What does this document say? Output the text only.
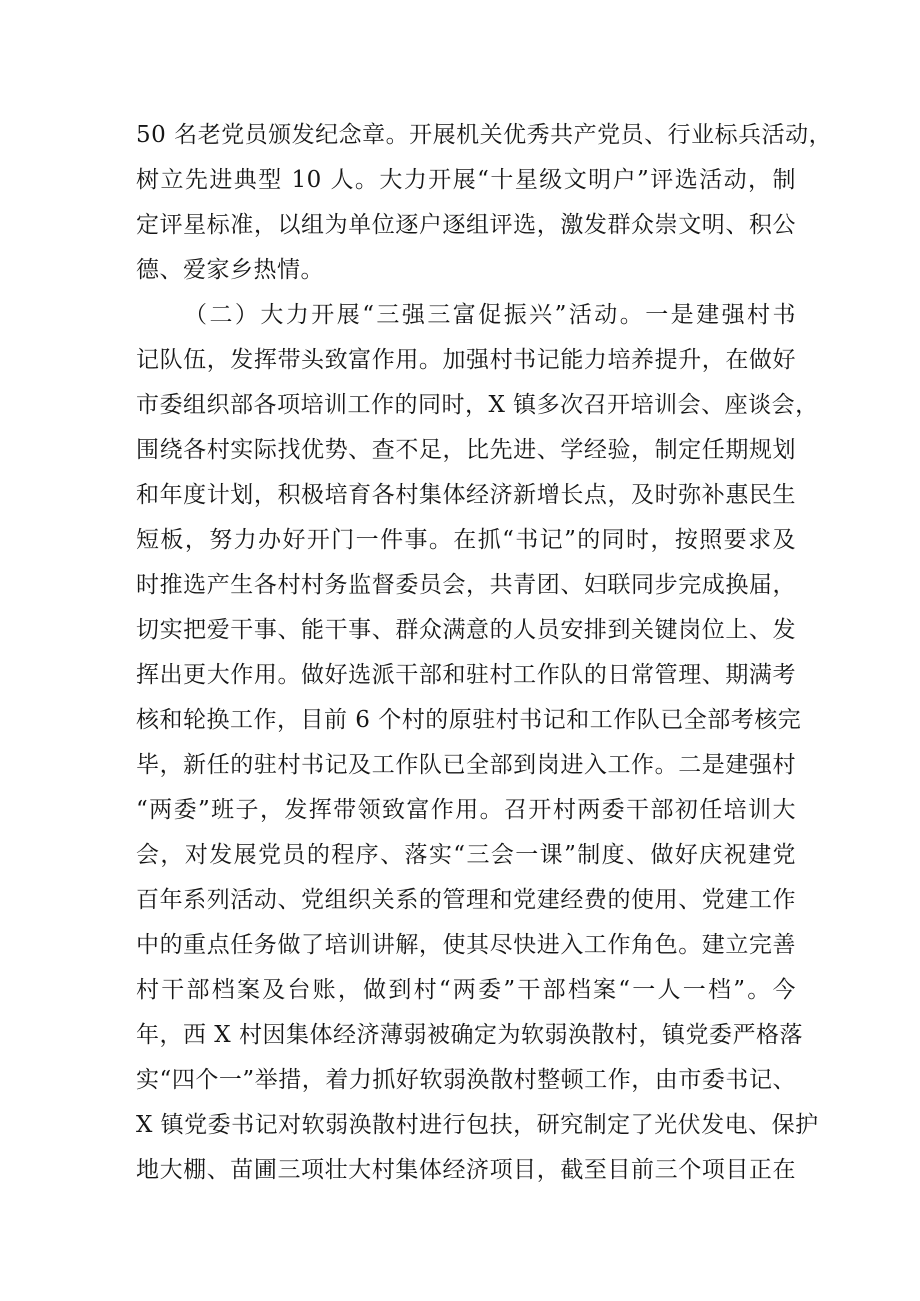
50 名老党员颁发纪念章。开展机关优秀共产党员、行业标兵活动，
树立先进典型 10 人。大力开展“十星级文明户”评选活动，制
定评星标准，以组为单位逐户逐组评选，激发群众崇文明、积公
德、爱家乡热情。
（二）大力开展“三强三富促振兴”活动。一是建强村书
记队伍，发挥带头致富作用。加强村书记能力培养提升，在做好
市委组织部各项培训工作的同时，X 镇多次召开培训会、座谈会，
围绕各村实际找优势、查不足，比先进、学经验，制定任期规划
和年度计划，积极培育各村集体经济新增长点，及时弥补惠民生
短板，努力办好开门一件事。在抓“书记”的同时，按照要求及
时推选产生各村村务监督委员会，共青团、妇联同步完成换届，
切实把爱干事、能干事、群众满意的人员安排到关键岗位上、发
挥出更大作用。做好选派干部和驻村工作队的日常管理、期满考
核和轮换工作，目前 6 个村的原驻村书记和工作队已全部考核完
毕，新任的驻村书记及工作队已全部到岗进入工作。二是建强村
“两委”班子，发挥带领致富作用。召开村两委干部初任培训大
会，对发展党员的程序、落实“三会一课”制度、做好庆祝建党
百年系列活动、党组织关系的管理和党建经费的使用、党建工作
中的重点任务做了培训讲解，使其尽快进入工作角色。建立完善
村干部档案及台账，做到村“两委”干部档案“一人一档”。今
年，西 X 村因集体经济薄弱被确定为软弱涣散村，镇党委严格落
实“四个一”举措，着力抓好软弱涣散村整顿工作，由市委书记、
X 镇党委书记对软弱涣散村进行包扶，研究制定了光伏发电、保护
地大棚、苗圃三项壮大村集体经济项目，截至目前三个项目正在
